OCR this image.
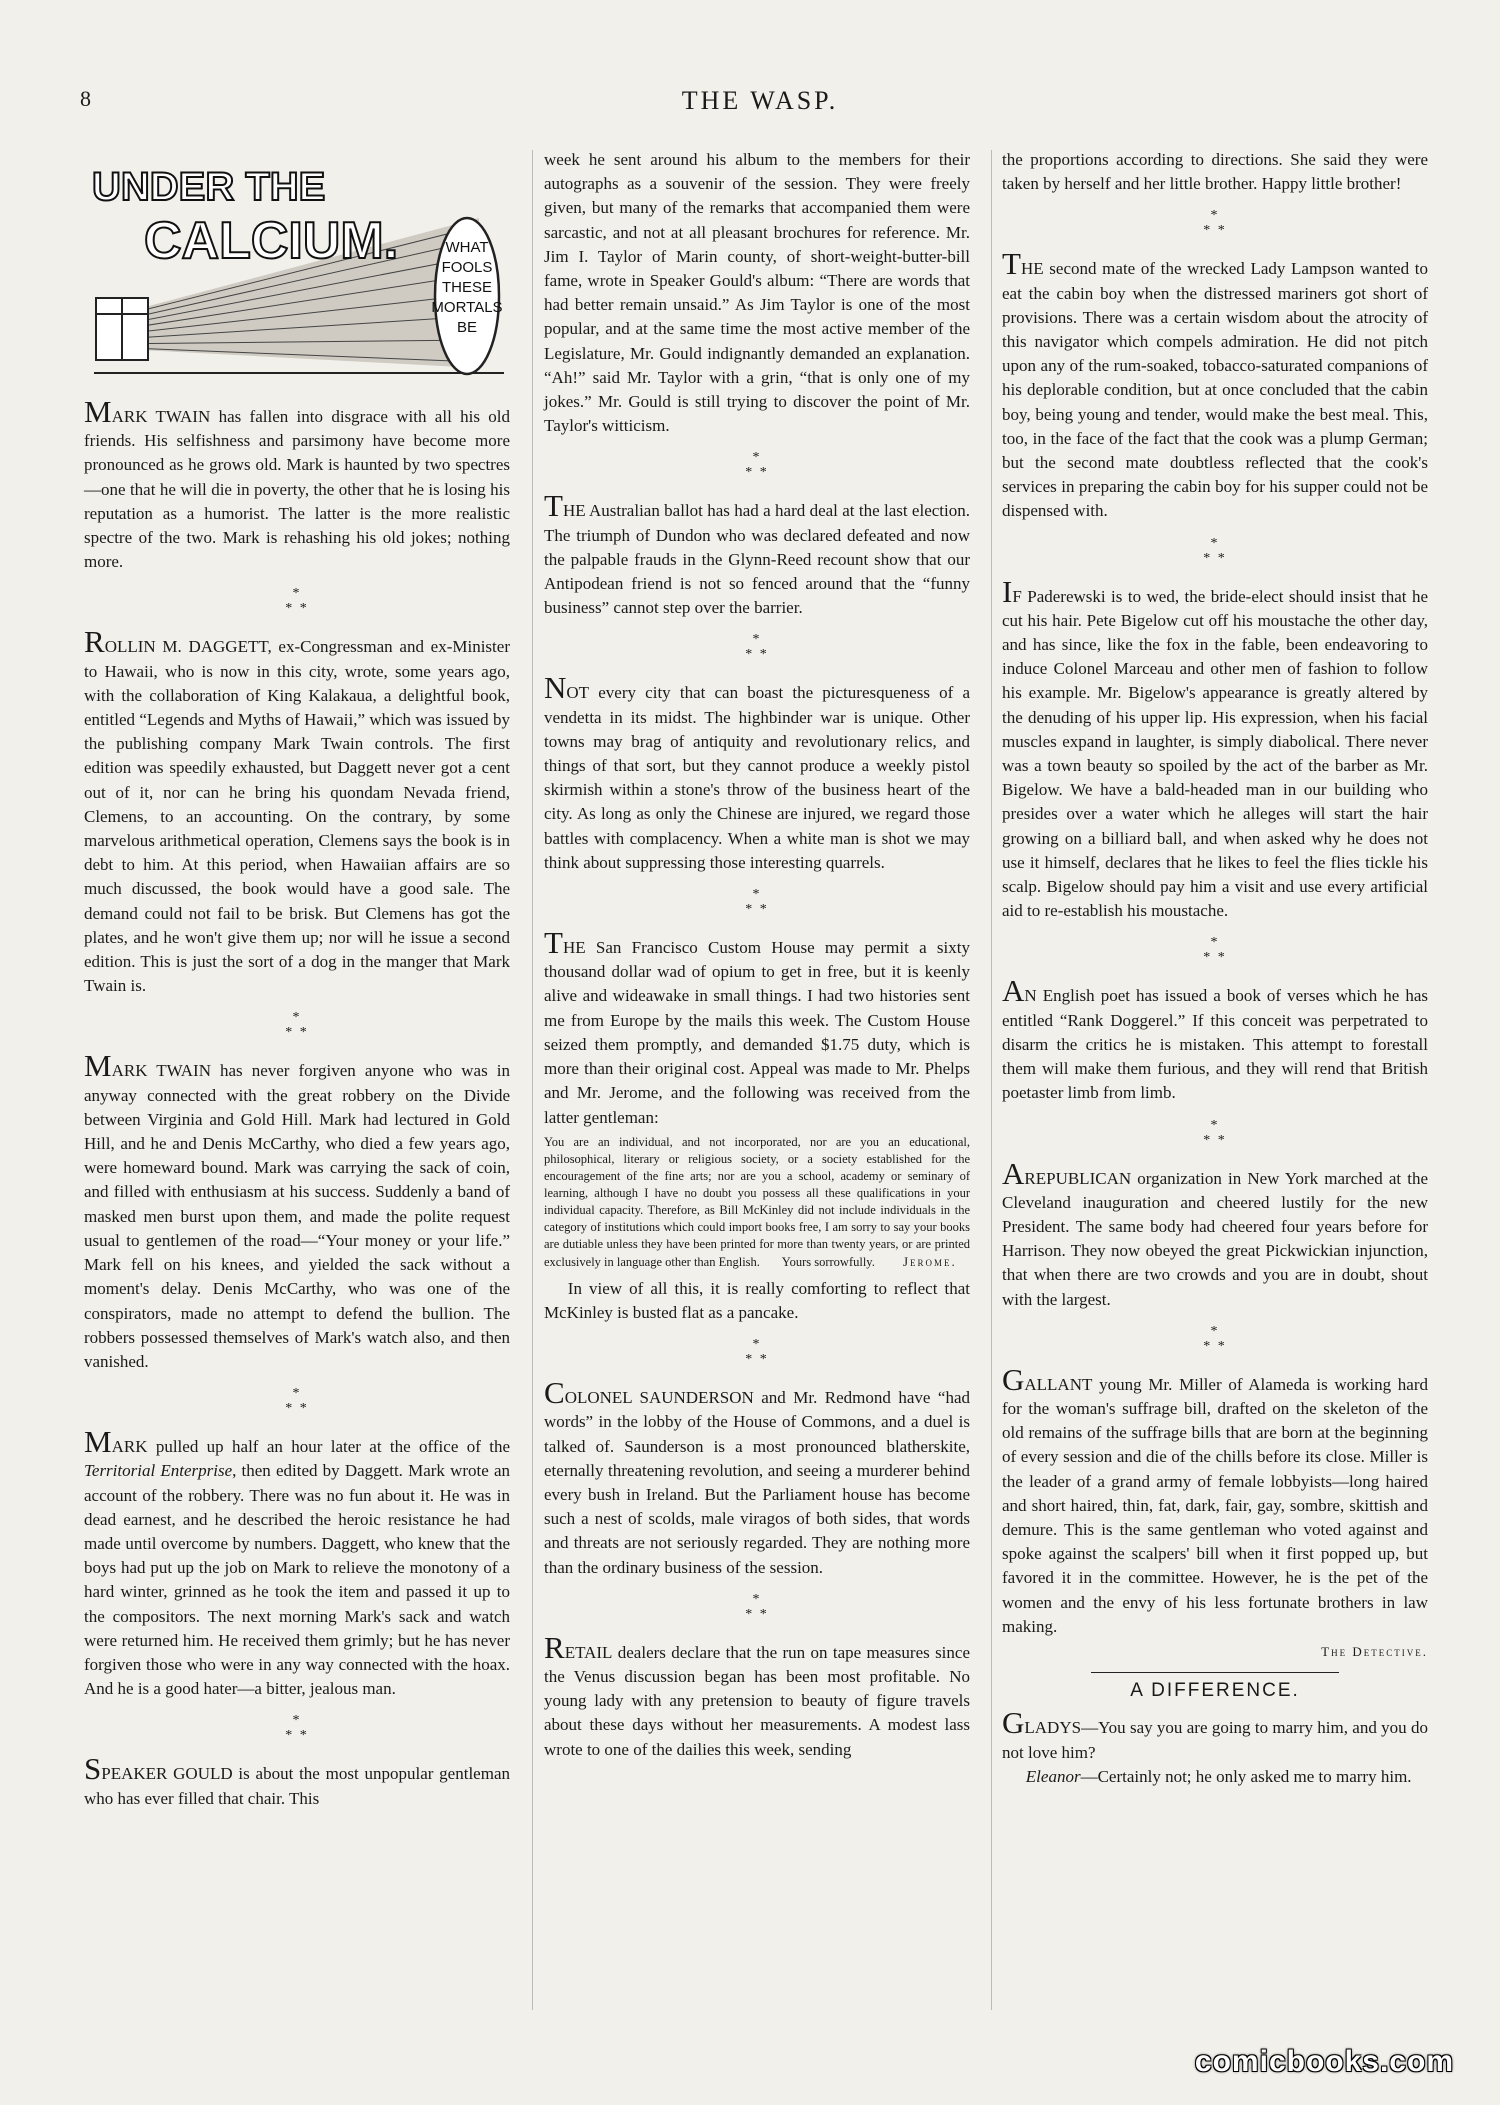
8	THE WASP.
UNDER THE
CALCIUM.	WHAT
FOOLS
THESE
MORTALS
BE

MARK TWAIN has fallen into disgrace with all his old friends. His selfishness and parsimony have become more pronounced as he grows old. Mark is haunted by two spectres—one that he will die in poverty, the other that he is losing his reputation as a humorist. The latter is the more realistic spectre of the two. Mark is rehashing his old jokes; nothing more.

*
* *

ROLLIN M. DAGGETT, ex-Congressman and ex-Minister to Hawaii, who is now in this city, wrote, some years ago, with the collaboration of King Kalakaua, a delightful book, entitled “Legends and Myths of Hawaii,” which was issued by the publishing company Mark Twain controls. The first edition was speedily exhausted, but Daggett never got a cent out of it, nor can he bring his quondam Nevada friend, Clemens, to an accounting. On the contrary, by some marvelous arithmetical operation, Clemens says the book is in debt to him. At this period, when Hawaiian affairs are so much discussed, the book would have a good sale. The demand could not fail to be brisk. But Clemens has got the plates, and he won't give them up; nor will he issue a second edition. This is just the sort of a dog in the manger that Mark Twain is.

*
* *

MARK TWAIN has never forgiven anyone who was in anyway connected with the great robbery on the Divide between Virginia and Gold Hill. Mark had lectured in Gold Hill, and he and Denis McCarthy, who died a few years ago, were homeward bound. Mark was carrying the sack of coin, and filled with enthusiasm at his success. Suddenly a band of masked men burst upon them, and made the polite request usual to gentlemen of the road—“Your money or your life.” Mark fell on his knees, and yielded the sack without a moment's delay. Denis McCarthy, who was one of the conspirators, made no attempt to defend the bullion. The robbers possessed themselves of Mark's watch also, and then vanished.

*
* *

MARK pulled up half an hour later at the office of the Territorial Enterprise, then edited by Daggett. Mark wrote an account of the robbery. There was no fun about it. He was in dead earnest, and he described the heroic resistance he had made until overcome by numbers. Daggett, who knew that the boys had put up the job on Mark to relieve the monotony of a hard winter, grinned as he took the item and passed it up to the compositors. The next morning Mark's sack and watch were returned him. He received them grimly; but he has never forgiven those who were in any way connected with the hoax. And he is a good hater—a bitter, jealous man.

*
* *

SPEAKER GOULD is about the most unpopular gentleman who has ever filled that chair. This

week he sent around his album to the members for their autographs as a souvenir of the session. They were freely given, but many of the remarks that accompanied them were sarcastic, and not at all pleasant brochures for reference. Mr. Jim I. Taylor of Marin county, of short-weight-butter-bill fame, wrote in Speaker Gould's album: “There are words that had better remain unsaid.” As Jim Taylor is one of the most popular, and at the same time the most active member of the Legislature, Mr. Gould indignantly demanded an explanation. “Ah!” said Mr. Taylor with a grin, “that is only one of my jokes.” Mr. Gould is still trying to discover the point of Mr. Taylor's witticism.

*
* *

THE Australian ballot has had a hard deal at the last election. The triumph of Dundon who was declared defeated and now the palpable frauds in the Glynn-Reed recount show that our Antipodean friend is not so fenced around that the “funny business” cannot step over the barrier.

*
* *

NOT every city that can boast the picturesqueness of a vendetta in its midst. The highbinder war is unique. Other towns may brag of antiquity and revolutionary relics, and things of that sort, but they cannot produce a weekly pistol skirmish within a stone's throw of the business heart of the city. As long as only the Chinese are injured, we regard those battles with complacency. When a white man is shot we may think about suppressing those interesting quarrels.

*
* *

THE San Francisco Custom House may permit a sixty thousand dollar wad of opium to get in free, but it is keenly alive and wideawake in small things. I had two histories sent me from Europe by the mails this week. The Custom House seized them promptly, and demanded $1.75 duty, which is more than their original cost. Appeal was made to Mr. Phelps and Mr. Jerome, and the following was received from the latter gentleman:

You are an individual, and not incorporated, nor are you an educational, philosophical, literary or religious society, or a society established for the encouragement of the fine arts; nor are you a school, academy or seminary of learning, although I have no doubt you possess all these qualifications in your individual capacity. Therefore, as Bill McKinley did not include individuals in the category of institutions which could import books free, I am sorry to say your books are dutiable unless they have been printed for more than twenty years, or are printed exclusively in language other than English. Yours sorrowfully. Jerome.

In view of all this, it is really comforting to reflect that McKinley is busted flat as a pancake.

*
* *

COLONEL SAUNDERSON and Mr. Redmond have “had words” in the lobby of the House of Commons, and a duel is talked of. Saunderson is a most pronounced blatherskite, eternally threatening revolution, and seeing a murderer behind every bush in Ireland. But the Parliament house has become such a nest of scolds, male viragos of both sides, that words and threats are not seriously regarded. They are nothing more than the ordinary business of the session.

*
* *

RETAIL dealers declare that the run on tape measures since the Venus discussion began has been most profitable. No young lady with any pretension to beauty of figure travels about these days without her measurements. A modest lass wrote to one of the dailies this week, sending

the proportions according to directions. She said they were taken by herself and her little brother. Happy little brother!

*
* *

THE second mate of the wrecked Lady Lampson wanted to eat the cabin boy when the distressed mariners got short of provisions. There was a certain wisdom about the atrocity of this navigator which compels admiration. He did not pitch upon any of the rum-soaked, tobacco-saturated companions of his deplorable condition, but at once concluded that the cabin boy, being young and tender, would make the best meal. This, too, in the face of the fact that the cook was a plump German; but the second mate doubtless reflected that the cook's services in preparing the cabin boy for his supper could not be dispensed with.

*
* *

IF Paderewski is to wed, the bride-elect should insist that he cut his hair. Pete Bigelow cut off his moustache the other day, and has since, like the fox in the fable, been endeavoring to induce Colonel Marceau and other men of fashion to follow his example. Mr. Bigelow's appearance is greatly altered by the denuding of his upper lip. His expression, when his facial muscles expand in laughter, is simply diabolical. There never was a town beauty so spoiled by the act of the barber as Mr. Bigelow. We have a bald-headed man in our building who presides over a water which he alleges will start the hair growing on a billiard ball, and when asked why he does not use it himself, declares that he likes to feel the flies tickle his scalp. Bigelow should pay him a visit and use every artificial aid to re-establish his moustache.

*
* *

AN English poet has issued a book of verses which he has entitled “Rank Doggerel.” If this conceit was perpetrated to disarm the critics he is mistaken. This attempt to forestall them will make them furious, and they will rend that British poetaster limb from limb.

*
* *

AREPUBLICAN organization in New York marched at the Cleveland inauguration and cheered lustily for the new President. The same body had cheered four years before for Harrison. They now obeyed the great Pickwickian injunction, that when there are two crowds and you are in doubt, shout with the largest.

*
* *

GALLANT young Mr. Miller of Alameda is working hard for the woman's suffrage bill, drafted on the skeleton of the old remains of the suffrage bills that are born at the beginning of every session and die of the chills before its close. Miller is the leader of a grand army of female lobbyists—long haired and short haired, thin, fat, dark, fair, gay, sombre, skittish and demure. This is the same gentleman who voted against and spoke against the scalpers' bill when it first popped up, but favored it in the committee. However, he is the pet of the women and the envy of his less fortunate brothers in law making.

The Detective.
A DIFFERENCE.

GLADYS—You say you are going to marry him, and you do not love him?

Eleanor—Certainly not; he only asked me to marry him.

comicbooks.com
